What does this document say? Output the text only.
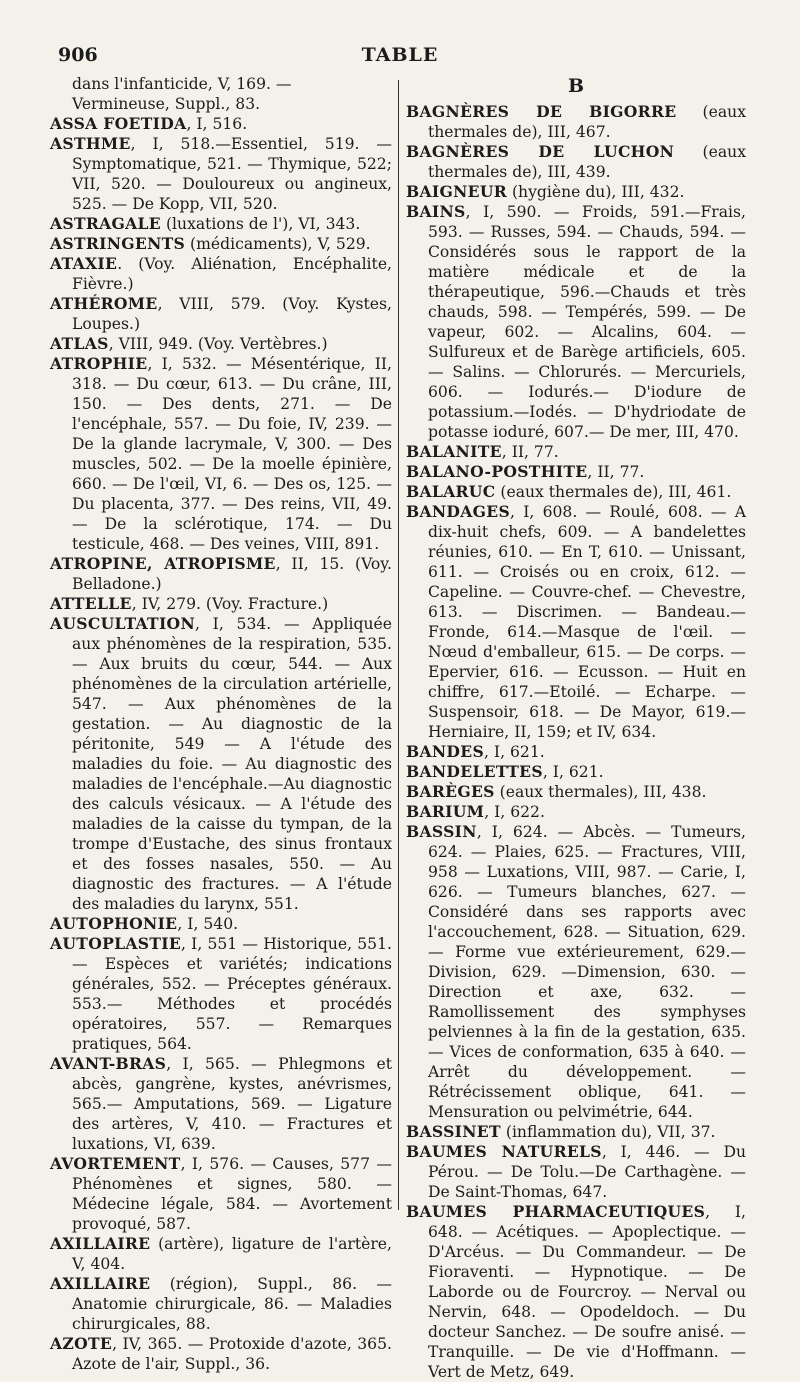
TABLE
906
dans l'infanticide, V, 169. — Vermineuse, Suppl., 83.
ASSA FOETIDA, I, 516.
ASTHME, I, 518.—Essentiel, 519. — Symptomatique, 521. — Thymique, 522; VII, 520. — Douloureux ou angineux, 525. — De Kopp, VII, 520.
ASTRAGALE (luxations de l'), VI, 343.
ASTRINGENTS (médicaments), V, 529.
ATAXIE. (Voy. Aliénation, Encéphalite, Fièvre.)
ATHÉROME, VIII, 579. (Voy. Kystes, Loupes.)
ATLAS, VIII, 949. (Voy. Vertèbres.)
ATROPHIE, I, 532. — Mésentérique, II, 318. — Du cœur, 613. — Du crâne, III, 150. — Des dents, 271. — De l'encéphale, 557. — Du foie, IV, 239. — De la glande lacrymale, V, 300. — Des muscles, 502. — De la moelle épinière, 660. — De l'œil, VI, 6. — Des os, 125. — Du placenta, 377. — Des reins, VII, 49. — De la sclérotique, 174. — Du testicule, 468. — Des veines, VIII, 891.
ATROPINE, ATROPISME, II, 15. (Voy. Belladone.)
ATTELLE, IV, 279. (Voy. Fracture.)
AUSCULTATION, I, 534. — Appliquée aux phénomènes de la respiration, 535. — Aux bruits du cœur, 544. — Aux phénomènes de la circulation artérielle, 547. — Aux phénomènes de la gestation. — Au diagnostic de la péritonite, 549 — A l'étude des maladies du foie. — Au diagnostic des maladies de l'encéphale.—Au diagnostic des calculs vésicaux. — A l'étude des maladies de la caisse du tympan, de la trompe d'Eustache, des sinus frontaux et des fosses nasales, 550. — Au diagnostic des fractures. — A l'étude des maladies du larynx, 551.
AUTOPHONIE, I, 540.
AUTOPLASTIE, I, 551 — Historique, 551. — Espèces et variétés; indications générales, 552. — Préceptes généraux. 553.— Méthodes et procédés opératoires, 557. — Remarques pratiques, 564.
AVANT-BRAS, I, 565. — Phlegmons et abcès, gangrène, kystes, anévrismes, 565.— Amputations, 569. — Ligature des artères, V, 410. — Fractures et luxations, VI, 639.
AVORTEMENT, I, 576. — Causes, 577 — Phénomènes et signes, 580. — Médecine légale, 584. — Avortement provoqué, 587.
AXILLAIRE (artère), ligature de l'artère, V, 404.
AXILLAIRE (région), Suppl., 86. — Anatomie chirurgicale, 86. — Maladies chirurgicales, 88.
AZOTE, IV, 365. — Protoxide d'azote, 365. Azote de l'air, Suppl., 36.
B
BAGNÈRES DE BIGORRE (eaux thermales de), III, 467.
BAGNÈRES DE LUCHON (eaux thermales de), III, 439.
BAIGNEUR (hygiène du), III, 432.
BAINS, I, 590. — Froids, 591.—Frais, 593. — Russes, 594. — Chauds, 594. — Considérés sous le rapport de la matière médicale et de la thérapeutique, 596.—Chauds et très chauds, 598. — Tempérés, 599. — De vapeur, 602. — Alcalins, 604. — Sulfureux et de Barège artificiels, 605. — Salins. — Chlorurés. — Mercuriels, 606. — Iodurés.— D'iodure de potassium.—Iodés. — D'hydriodate de potasse ioduré, 607.— De mer, III, 470.
BALANITE, II, 77.
BALANO-POSTHITE, II, 77.
BALARUC (eaux thermales de), III, 461.
BANDAGES, I, 608. — Roulé, 608. — A dix-huit chefs, 609. — A bandelettes réunies, 610. — En T, 610. — Unissant, 611. — Croisés ou en croix, 612. — Capeline. — Couvre-chef. — Chevestre, 613. — Discrimen. — Bandeau.—Fronde, 614.—Masque de l'œil. — Nœud d'emballeur, 615. — De corps. — Epervier, 616. — Ecusson. — Huit en chiffre, 617.—Etoilé. — Echarpe. — Suspensoir, 618. — De Mayor, 619.— Herniaire, II, 159; et IV, 634.
BANDES, I, 621.
BANDELETTES, I, 621.
BARÈGES (eaux thermales), III, 438.
BARIUM, I, 622.
BASSIN, I, 624. — Abcès. — Tumeurs, 624. — Plaies, 625. — Fractures, VIII, 958 — Luxations, VIII, 987. — Carie, I, 626. — Tumeurs blanches, 627. — Considéré dans ses rapports avec l'accouchement, 628. — Situation, 629. — Forme vue extérieurement, 629.—Division, 629. —Dimension, 630. — Direction et axe, 632. — Ramollissement des symphyses pelviennes à la fin de la gestation, 635. — Vices de conformation, 635 à 640. — Arrêt du développement. — Rétrécissement oblique, 641. — Mensuration ou pelvimétrie, 644.
BASSINET (inflammation du), VII, 37.
BAUMES NATURELS, I, 446. — Du Pérou. — De Tolu.—De Carthagène. — De Saint-Thomas, 647.
BAUMES PHARMACEUTIQUES, I, 648. — Acétiques. — Apoplectique. — D'Arcéus. — Du Commandeur. — De Fioraventi. — Hypnotique. — De Laborde ou de Fourcroy. — Nerval ou Nervin, 648. — Opodeldoch. — Du docteur Sanchez. — De soufre anisé. — Tranquille. — De vie d'Hoffmann. — Vert de Metz, 649.
